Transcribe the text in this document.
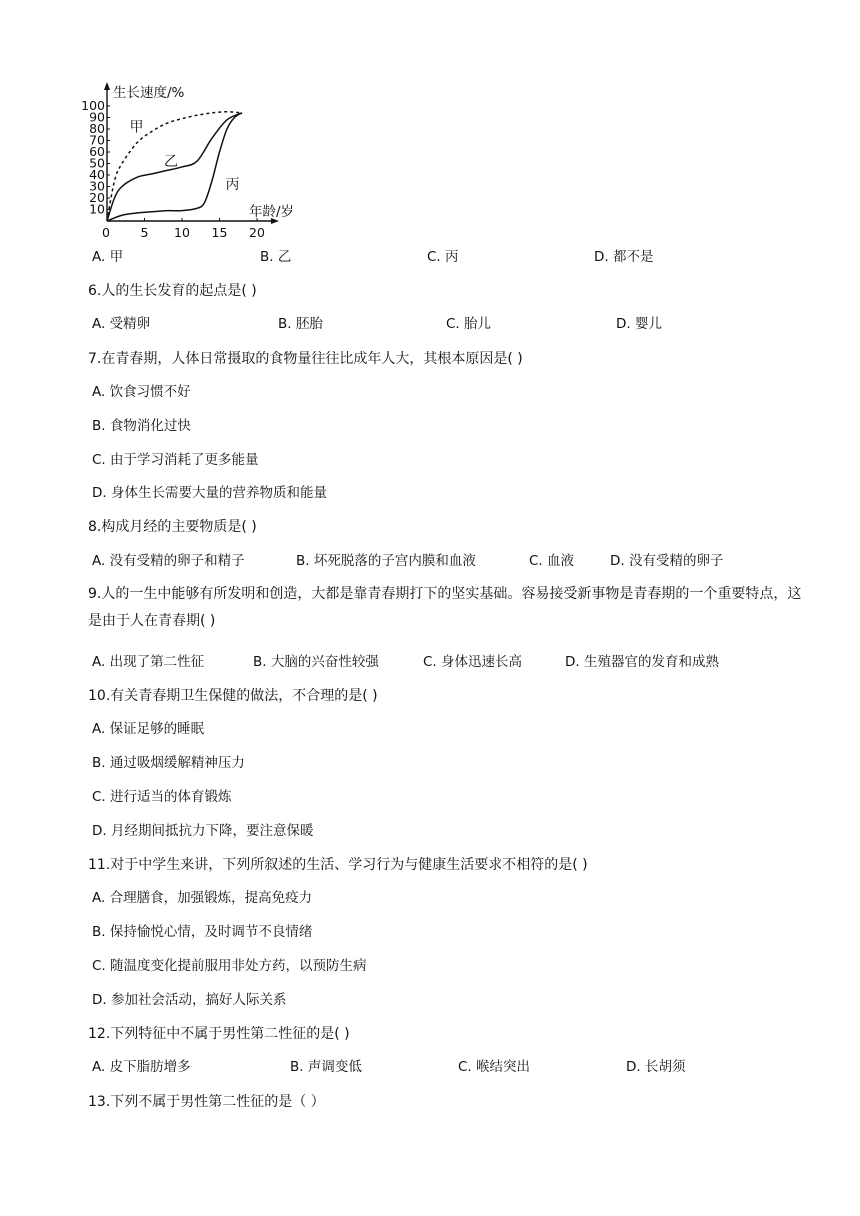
100
90
80
70
60
50
40
30
20
10
0 5 10 15 20
生长速度/%
年龄/岁
甲
乙
丙
A. 甲	B. 乙	C. 丙	D. 都不是
6.人的生长发育的起点是( )
A. 受精卵	B. 胚胎	C. 胎儿	D. 婴儿
7.在青春期，人体日常摄取的食物量往往比成年人大，其根本原因是( )
A. 饮食习惯不好
B. 食物消化过快
C. 由于学习消耗了更多能量
D. 身体生长需要大量的营养物质和能量
8.构成月经的主要物质是( )
A. 没有受精的卵子和精子	B. 坏死脱落的子宫内膜和血液	C. 血液	D. 没有受精的卵子
9.人的一生中能够有所发明和创造，大都是靠青春期打下的坚实基础。容易接受新事物是青春期的一个重要特点，这是由于人在青春期( )
A. 出现了第二性征	B. 大脑的兴奋性较强	C. 身体迅速长高	D. 生殖器官的发育和成熟
10.有关青春期卫生保健的做法，不合理的是( )
A. 保证足够的睡眠
B. 通过吸烟缓解精神压力
C. 进行适当的体育锻炼
D. 月经期间抵抗力下降，要注意保暖
11.对于中学生来讲，下列所叙述的生活、学习行为与健康生活要求不相符的是( )
A. 合理膳食，加强锻炼，提高免疫力
B. 保持愉悦心情，及时调节不良情绪
C. 随温度变化提前服用非处方药，以预防生病
D. 参加社会活动，搞好人际关系
12.下列特征中不属于男性第二性征的是( )
A. 皮下脂肪增多	B. 声调变低	C. 喉结突出	D. 长胡须
13.下列不属于男性第二性征的是（ ）
